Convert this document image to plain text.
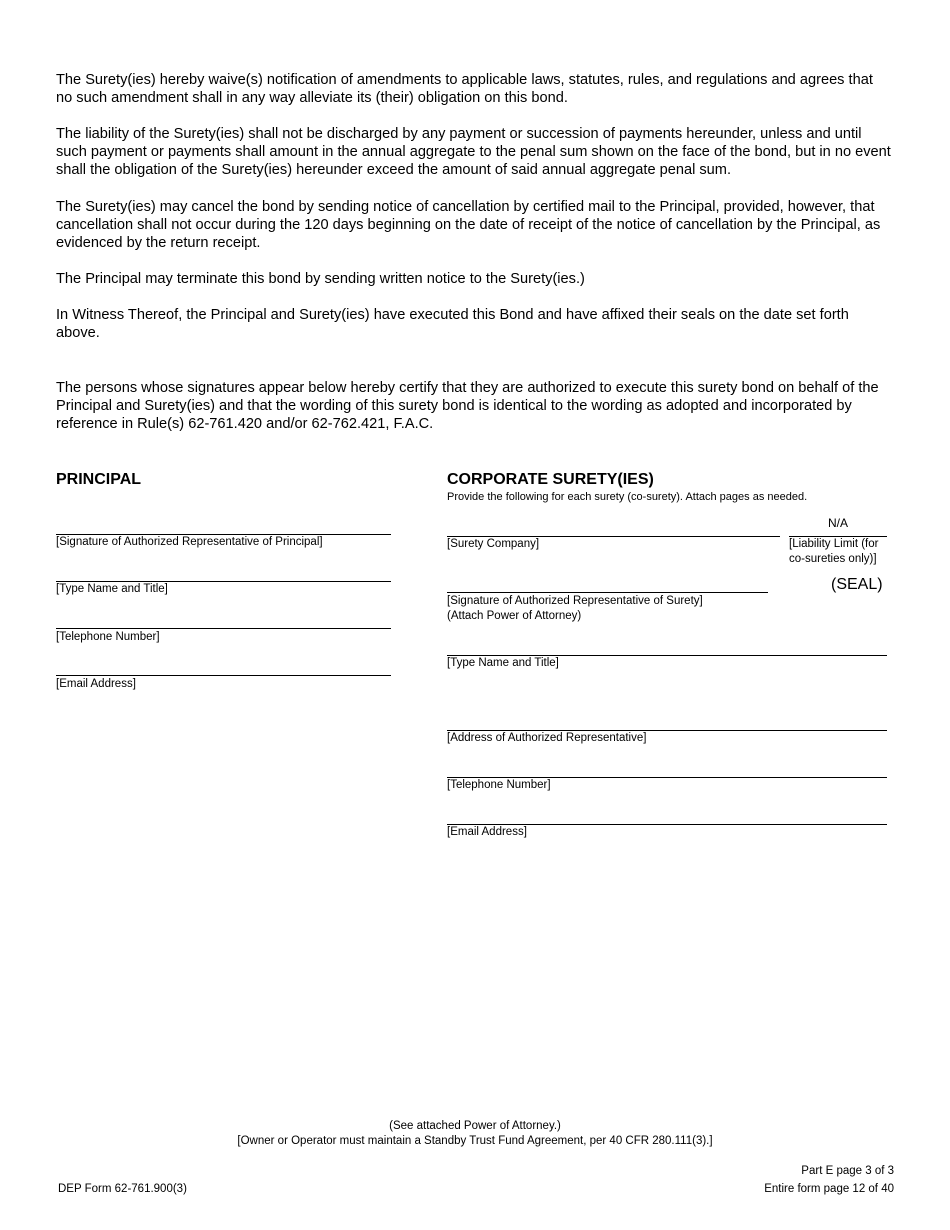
The Surety(ies) hereby waive(s) notification of amendments to applicable laws, statutes, rules, and regulations and agrees that no such amendment shall in any way alleviate its (their) obligation on this bond.

The liability of the Surety(ies) shall not be discharged by any payment or succession of payments hereunder, unless and until such payment or payments shall amount in the annual aggregate to the penal sum shown on the face of the bond, but in no event shall the obligation of the Surety(ies) hereunder exceed the amount of said annual aggregate penal sum.

The Surety(ies) may cancel the bond by sending notice of cancellation by certified mail to the Principal, provided, however, that cancellation shall not occur during the 120 days beginning on the date of receipt of the notice of cancellation by the Principal, as evidenced by the return receipt.

The Principal may terminate this bond by sending written notice to the Surety(ies.)

In Witness Thereof, the Principal and Surety(ies) have executed this Bond and have affixed their seals on the date set forth above.

The persons whose signatures appear below hereby certify that they are authorized to execute this surety bond on behalf of the Principal and Surety(ies) and that the wording of this surety bond is identical to the wording as adopted and incorporated by reference in Rule(s) 62-761.420 and/or 62-762.421, F.A.C.

PRINCIPAL
[Signature of Authorized Representative of Principal]
[Type Name and Title]
[Telephone Number]
[Email Address]
CORPORATE SURETY(IES)
Provide the following for each surety (co-surety). Attach pages as needed.
N/A
[Surety Company]	[Liability Limit (for co-sureties only)]
(SEAL)
[Signature of Authorized Representative of Surety]
(Attach Power of Attorney)
[Type Name and Title]
[Address of Authorized Representative]
[Telephone Number]
[Email Address]
(See attached Power of Attorney.)
[Owner or Operator must maintain a Standby Trust Fund Agreement, per 40 CFR 280.111(3).]
DEP Form 62-761.900(3)
Part E page 3 of 3
Entire form page 12 of 40
